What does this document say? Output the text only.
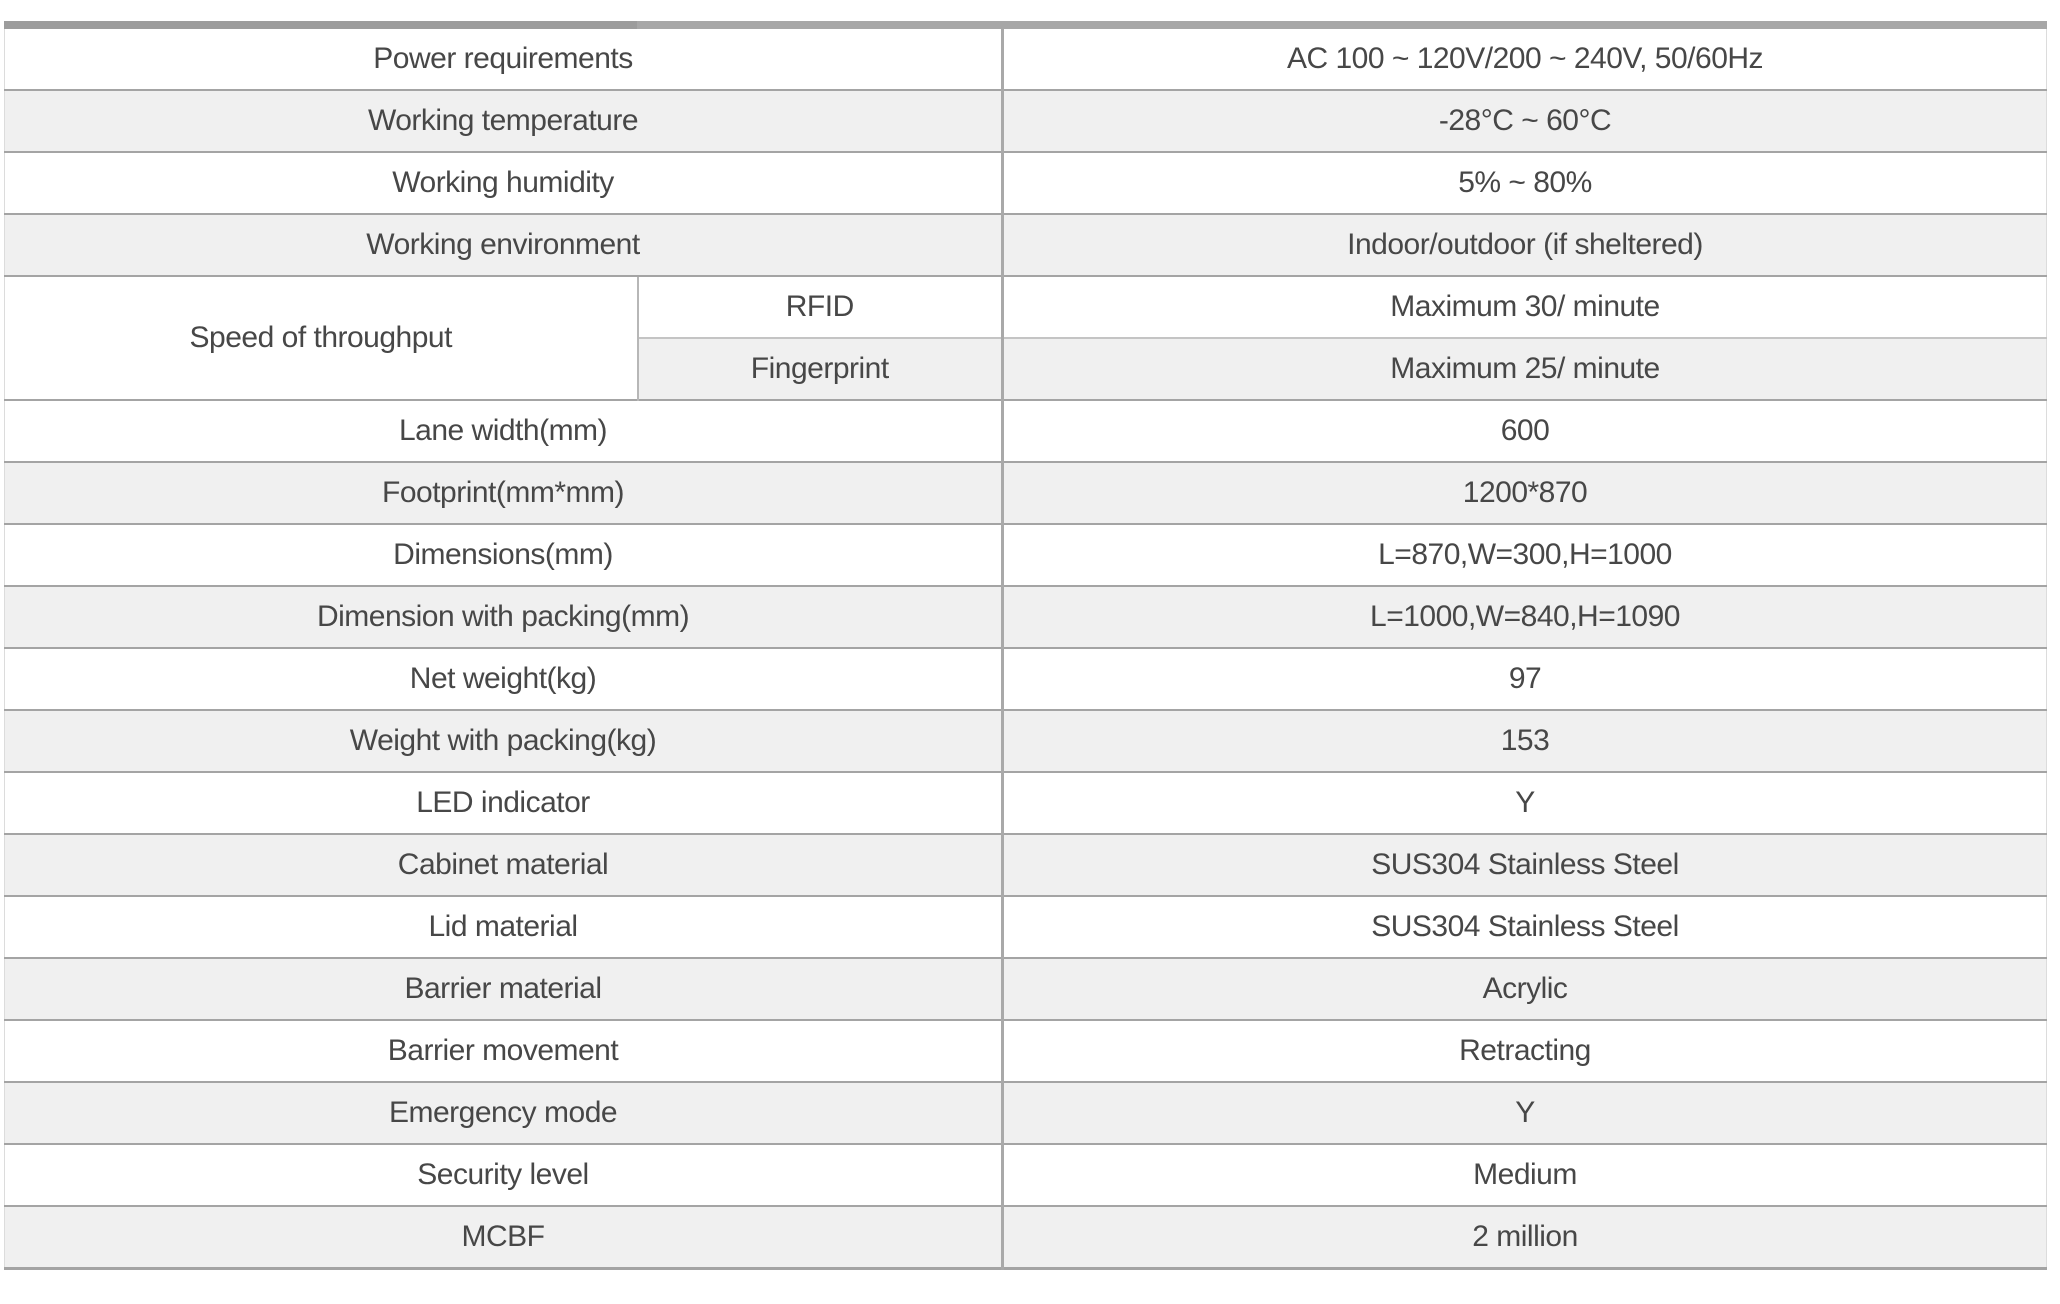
Power requirements		AC 100 ~ 120V/200 ~ 240V, 50/60Hz
Working temperature		-28°C ~ 60°C
Working humidity		5% ~ 80%
Working environment		Indoor/outdoor (if sheltered)
Speed of throughput	RFID	Maximum 30/ minute
	Fingerprint	Maximum 25/ minute
Lane width(mm)		600
Footprint(mm*mm)		1200*870
Dimensions(mm)		L=870,W=300,H=1000
Dimension with packing(mm)		L=1000,W=840,H=1090
Net weight(kg)		97
Weight with packing(kg)		153
LED indicator		Y
Cabinet material		SUS304 Stainless Steel
Lid material		SUS304 Stainless Steel
Barrier material		Acrylic
Barrier movement		Retracting
Emergency mode		Y
Security level		Medium
MCBF		2 million
